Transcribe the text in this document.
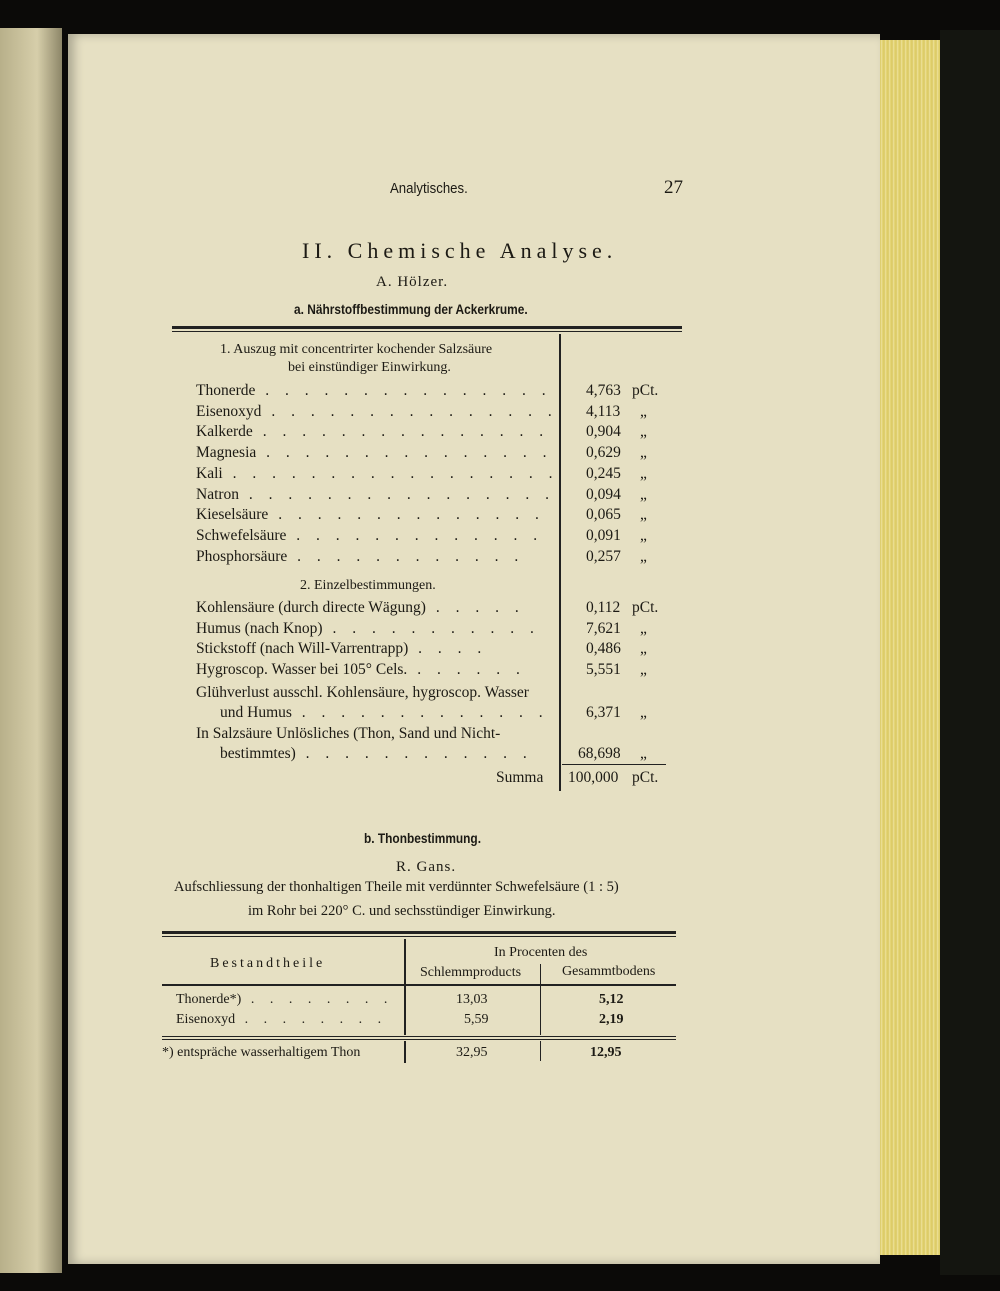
Analytisches.	27
II. Chemische Analyse.
A. Hölzer.
a. Nährstoffbestimmung der Ackerkrume.
1. Auszug mit concentrirter kochender Salzsäure
bei einstündiger Einwirkung.
Thonerde . . . . . . . . . . . . . . . 4,763 pCt.
Eisenoxyd . . . . . . . . . . . . . . . 4,113 „
Kalkerde . . . . . . . . . . . . . . . 0,904 „
Magnesia . . . . . . . . . . . . . . . 0,629 „
Kali . . . . . . . . . . . . . . . . . 0,245 „
Natron . . . . . . . . . . . . . . . . 0,094 „
Kieselsäure . . . . . . . . . . . . . .	0,065 „
Schwefelsäure . . . . . . . . . . . . .	0,091 „
Phosphorsäure . . . . . . . . . . . .	0,257 „
2. Einzelbestimmungen.
Kohlensäure (durch directe Wägung) . . . . .	0,112 pCt.
Humus (nach Knop) . . . . . . . . . . .	7,621 „
Stickstoff (nach Will-Varrentrapp) . . . .	0,486 „
Hygroscop. Wasser bei 105° Cels. . . . . . .	5,551 „
Glühverlust ausschl. Kohlensäure, hygroscop. Wasser
und Humus . . . . . . . . . . . . . 6,371 „
In Salzsäure Unlösliches (Thon, Sand und Nicht-
bestimmtes) . . . . . . . . . . . .	68,698 „
Summa 100,000 pCt.
b. Thonbestimmung.
R. Gans.
Aufschliessung der thonhaltigen Theile mit verdünnter Schwefelsäure (1 : 5)
im Rohr bei 220° C. und sechsstündiger Einwirkung.
Bestandtheile
In Procenten des
Schlemmproducts	Gesammtbodens
Thonerde*) . . . . . . . .	13,03	5,12
Eisenoxyd . . . . . . . .	5,59	2,19
*) entspräche wasserhaltigem Thon	32,95	12,95
